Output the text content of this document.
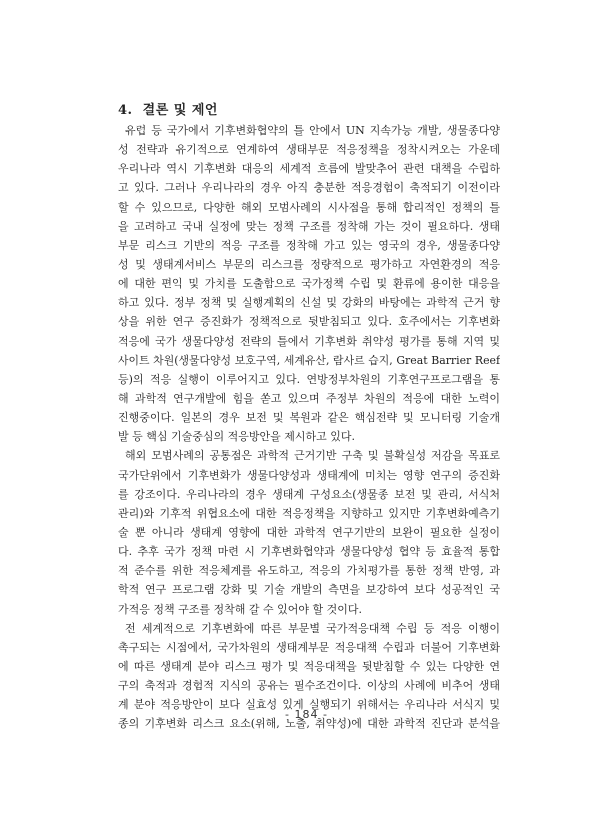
4. 결론 및 제언
유럽 등 국가에서 기후변화협약의 틀 안에서 UN 지속가능 개발, 생물종다양
성 전략과 유기적으로 연계하여 생태부문 적응정책을 정착시켜오는 가운데
우리나라 역시 기후변화 대응의 세계적 흐름에 발맞추어 관련 대책을 수립하
고 있다. 그러나 우리나라의 경우 아직 충분한 적응경험이 축적되기 이전이라
할 수 있으므로, 다양한 해외 모범사례의 시사점을 통해 합리적인 정책의 틀
을 고려하고 국내 실정에 맞는 정책 구조를 정착해 가는 것이 필요하다. 생태
부문 리스크 기반의 적응 구조를 정착해 가고 있는 영국의 경우, 생물종다양
성 및 생태계서비스 부문의 리스크를 정량적으로 평가하고 자연환경의 적응
에 대한 편익 및 가치를 도출함으로 국가정책 수립 및 환류에 용이한 대응을
하고 있다. 정부 정책 및 실행계획의 신설 및 강화의 바탕에는 과학적 근거 향
상을 위한 연구 증진화가 정책적으로 뒷받침되고 있다. 호주에서는 기후변화
적응에 국가 생물다양성 전략의 틀에서 기후변화 취약성 평가를 통해 지역 및
사이트 차원(생물다양성 보호구역, 세계유산, 람사르 습지, Great Barrier Reef
등)의 적응 실행이 이루어지고 있다. 연방정부차원의 기후연구프로그램을 통
해 과학적 연구개발에 힘을 쏟고 있으며 주정부 차원의 적응에 대한 노력이
진행중이다. 일본의 경우 보전 및 복원과 같은 핵심전략 및 모니터링 기술개
발 등 핵심 기술중심의 적응방안을 제시하고 있다.
해외 모범사례의 공통점은 과학적 근거기반 구축 및 불확실성 저감을 목표로
국가단위에서 기후변화가 생물다양성과 생태계에 미치는 영향 연구의 증진화
를 강조이다. 우리나라의 경우 생태계 구성요소(생물종 보전 및 관리, 서식처
관리)와 기후적 위협요소에 대한 적응정책을 지향하고 있지만 기후변화예측기
술 뿐 아니라 생태계 영향에 대한 과학적 연구기반의 보완이 필요한 실정이
다. 추후 국가 정책 마련 시 기후변화협약과 생물다양성 협약 등 효율적 통합
적 준수를 위한 적응체계를 유도하고, 적응의 가치평가를 통한 정책 반영, 과
학적 연구 프로그램 강화 및 기술 개발의 측면을 보강하여 보다 성공적인 국
가적응 정책 구조를 정착해 갈 수 있어야 할 것이다.
전 세계적으로 기후변화에 따른 부문별 국가적응대책 수립 등 적응 이행이
촉구되는 시점에서, 국가차원의 생태계부문 적응대책 수립과 더불어 기후변화
에 따른 생태계 분야 리스크 평가 및 적응대책을 뒷받침할 수 있는 다양한 연
구의 축적과 경험적 지식의 공유는 필수조건이다. 이상의 사례에 비추어 생태
계 분야 적응방안이 보다 실효성 있게 실행되기 위해서는 우리나라 서식지 및
종의 기후변화 리스크 요소(위해, 노출, 취약성)에 대한 과학적 진단과 분석을
- 184 -
